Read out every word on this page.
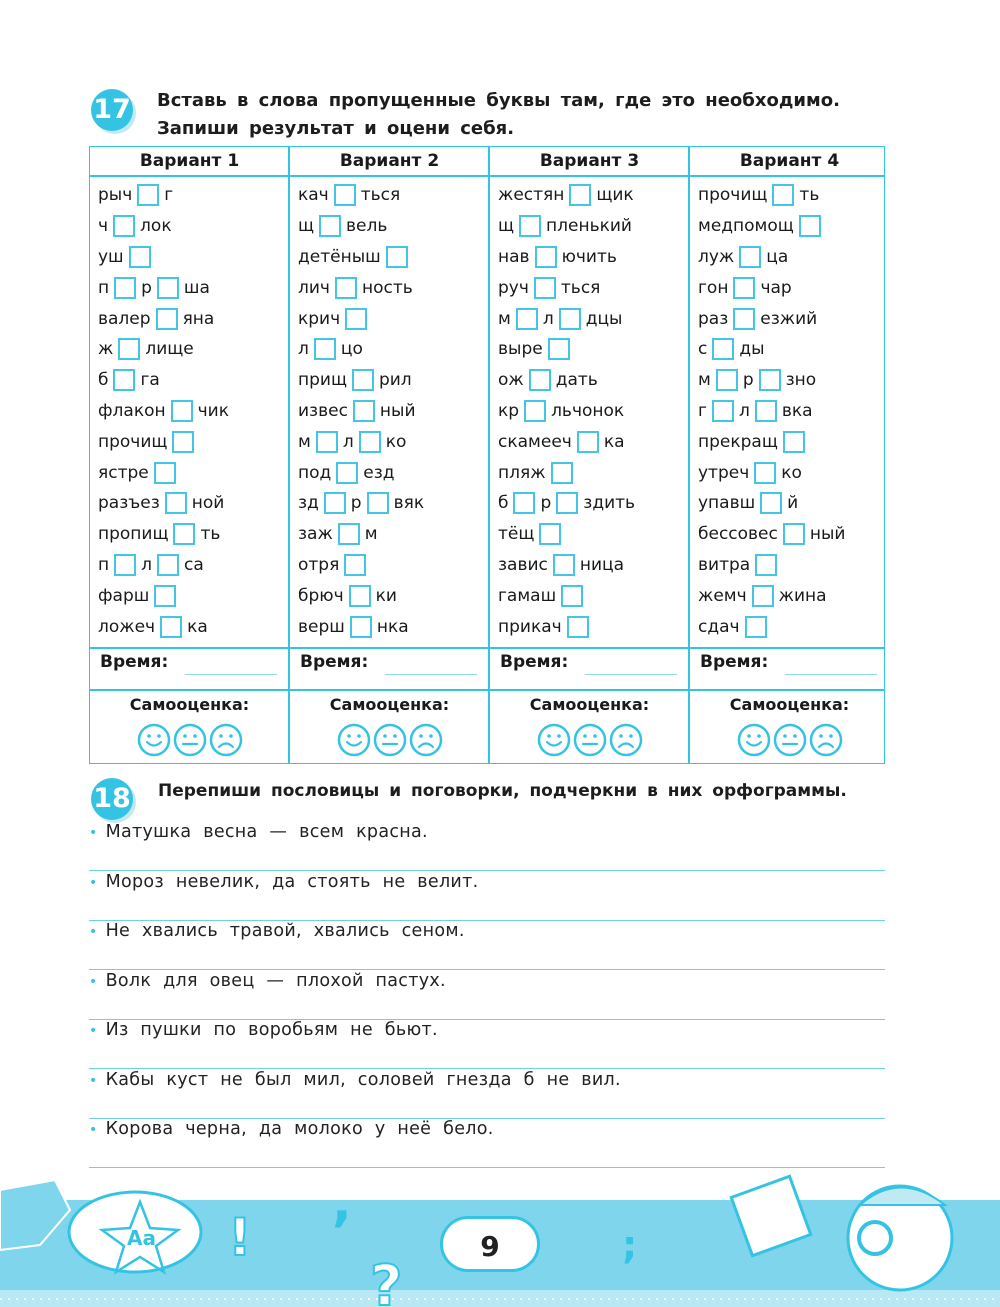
17 Вставь в слова пропущенные буквы там, где это необходимо.
Запиши результат и оцени себя.
Вариант 1
рыч г
ч лок
уш
п р ша
валер яна
ж лище
б га
флакон чик
прочищ
ястре
разъез ной
пропищ ть
п л са
фарш
ложеч ка
Время:
Самооценка:
Вариант 2
кач ться
щ вель
детёныш
лич ность
крич
л цо
прищ рил
извес ный
м л ко
под езд
зд р вяк
заж м
отря
брюч ки
верш нка
Время:
Самооценка:
Вариант 3
жестян щик
щ пленький
нав ючить
руч ться
м л дцы
выре
ож дать
кр льчонок
скамееч ка
пляж
б р здить
тёщ
завис ница
гамаш
прикач
Время:
Самооценка:
Вариант 4
прочищ ть
медпомощ
луж ца
гон чар
раз езжий
с ды
м р зно
г л вка
прекращ
утреч ко
упавш й
бессовес ный
витра
жемч жина
сдач
Время:
Самооценка:
18 Перепиши пословицы и поговорки, подчеркни в них орфограммы.
• Матушка весна — всем красна.
• Мороз невелик, да стоять не велит.
• Не хвались травой, хвались сеном.
• Волк для овец — плохой пастух.
• Из пушки по воробьям не бьют.
• Кабы куст не был мил, соловей гнезда б не вил.
• Корова черна, да молоко у неё бело.
Aa !
,
?
;
9
